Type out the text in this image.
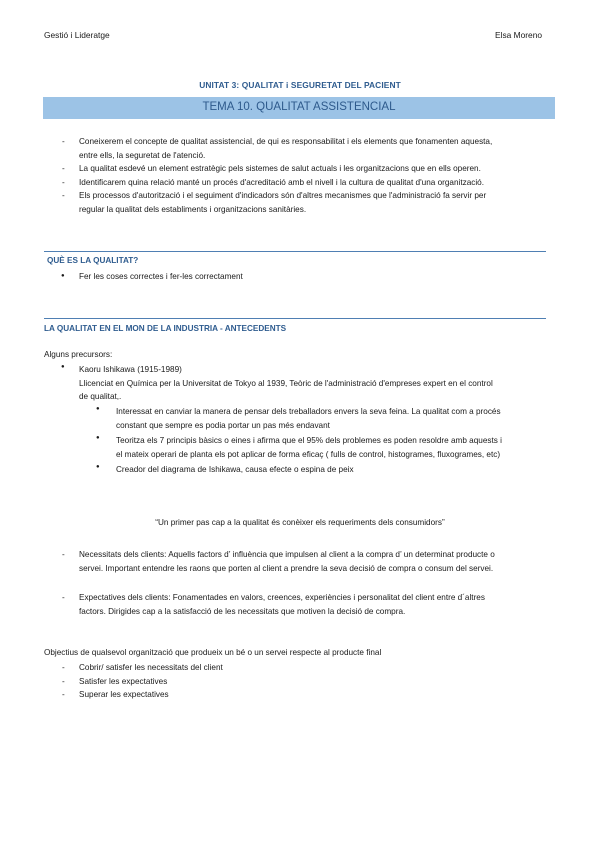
Gestió i Lideratge	Elsa Moreno
UNITAT 3: QUALITAT i SEGURETAT DEL PACIENT
TEMA 10. QUALITAT ASSISTENCIAL
- Coneixerem el concepte de qualitat assistencial, de qui es responsabilitat i els elements que fonamenten aquesta,
entre ells, la seguretat de l'atenció.
- La qualitat esdevé un element estratègic pels sistemes de salut actuals i les organitzacions que en ells operen.
- Identificarem quina relació manté un procés d'acreditació amb el nivell i la cultura de qualitat d'una organització.
- Els processos d'autorització i el seguiment d'indicadors són d'altres mecanismes que l'administració fa servir per
regular la qualitat dels establiments i organitzacions sanitàries.
QUÈ ES LA QUALITAT?
Fer les coses correctes i fer-les correctament
LA QUALITAT EN EL MON DE LA INDUSTRIA - ANTECEDENTS
Alguns precursors:
Kaoru Ishikawa (1915-1989)
Llicenciat en Química per la Universitat de Tokyo al 1939, Teòric de l'administració d'empreses expert en el control
de qualitat,.
Interessat en canviar la manera de pensar dels treballadors envers la seva feina. La qualitat com a procés
constant que sempre es podia portar un pas més endavant
Teoritza els 7 principis bàsics o eines i afirma que el 95% dels problemes es poden resoldre amb aquests i
el mateix operari de planta els pot aplicar de forma eficaç ( fulls de control, histogrames, fluxogrames, etc)
Creador del diagrama de Ishikawa, causa efecte o espina de peix
“Un primer pas cap a la qualitat és conèixer els requeriments dels consumidors”
- Necessitats dels clients: Aquells factors d’ influència que impulsen al client a la compra d’ un determinat producte o
servei. Important entendre les raons que porten al client a prendre la seva decisió de compra o consum del servei.
- Expectatives dels clients: Fonamentades en valors, creences, experiències i personalitat del client entre d´altres
factors. Dirigides cap a la satisfacció de les necessitats que motiven la decisió de compra.
Objectius de qualsevol organització que produeix un bé o un servei respecte al producte final
- Cobrir/ satisfer les necessitats del client
- Satisfer les expectatives
- Superar les expectatives
